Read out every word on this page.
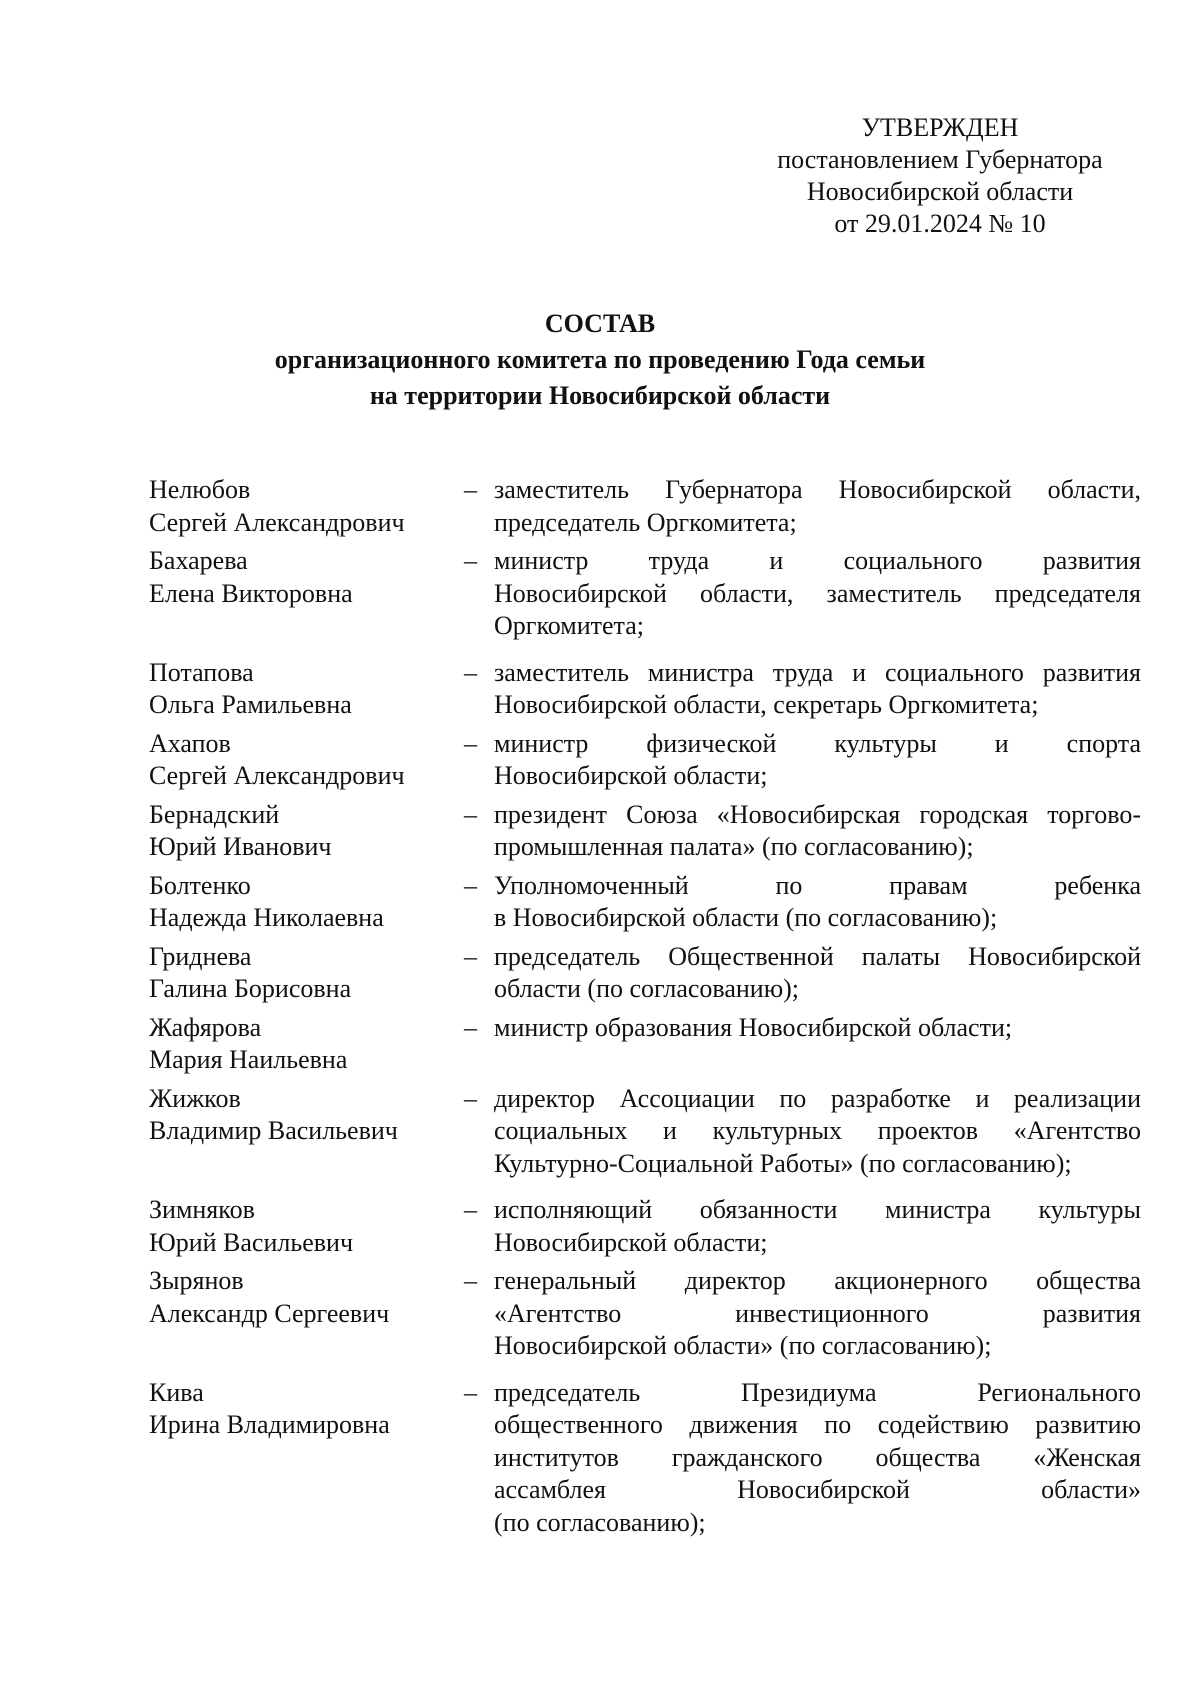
УТВЕРЖДЕН
постановлением Губернатора
Новосибирской области
от 29.01.2024 № 10
СОСТАВ
организационного комитета по проведению Года семьи
на территории Новосибирской области
Нелюбов
Сергей Александрович
– заместитель Губернатора Новосибирской области,
председатель Оргкомитета;
Бахарева
Елена Викторовна
– министр труда и социального развития
Новосибирской области, заместитель председателя
Оргкомитета;
Потапова
Ольга Рамильевна
– заместитель министра труда и социального развития
Новосибирской области, секретарь Оргкомитета;
Ахапов
Сергей Александрович
– министр физической культуры и спорта
Новосибирской области;
Бернадский
Юрий Иванович
– президент Союза «Новосибирская городская торгово-
промышленная палата» (по согласованию);
Болтенко
Надежда Николаевна
– Уполномоченный по правам ребенка
в Новосибирской области (по согласованию);
Гриднева
Галина Борисовна
– председатель Общественной палаты Новосибирской
области (по согласованию);
Жафярова
Мария Наильевна
– министр образования Новосибирской области;
Жижков
Владимир Васильевич
– директор Ассоциации по разработке и реализации
социальных и культурных проектов «Агентство
Культурно-Социальной Работы» (по согласованию);
Зимняков
Юрий Васильевич
– исполняющий обязанности министра культуры
Новосибирской области;
Зырянов
Александр Сергеевич
– генеральный директор акционерного общества
«Агентство инвестиционного развития
Новосибирской области» (по согласованию);
Кива
Ирина Владимировна
– председатель Президиума Регионального
общественного движения по содействию развитию
институтов гражданского общества «Женская
ассамблея Новосибирской области»
(по согласованию);
